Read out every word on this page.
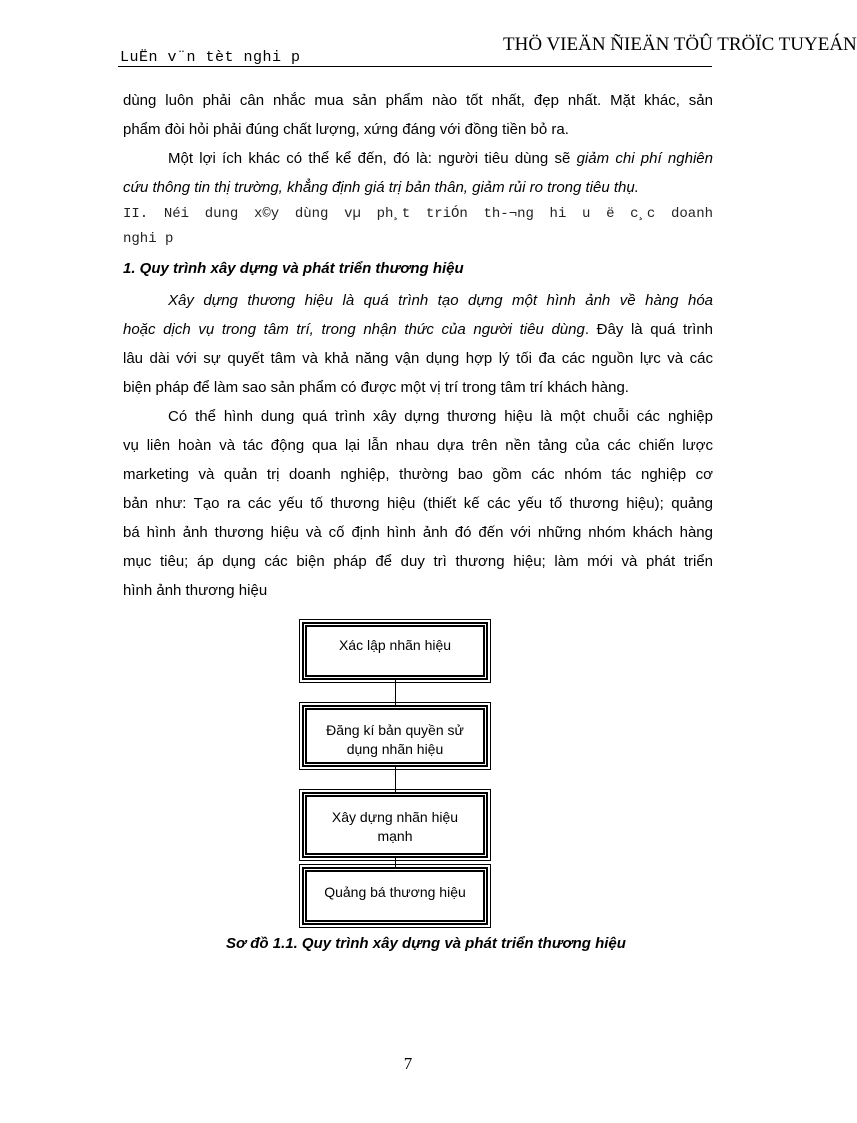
LuËn v¨n tèt nghi p
THÖ VIEÄN ÑIEÄN TÖÛ TRÖÏC TUYEÁN
dùng luôn phải cân nhắc mua sản phẩm nào tốt nhất, đẹp nhất. Mặt khác, sản
phẩm đòi hỏi phải đúng chất lượng, xứng đáng với đồng tiền bỏ ra.
Một lợi ích khác có thể kể đến, đó là: người tiêu dùng sẽ giảm chi phí nghiên
cứu thông tin thị trường, khẳng định giá trị bản thân, giảm rủi ro trong tiêu thụ.
II. Néi dung x©y dùng vµ ph¸t triÓn th-¬ng hi u ë c¸c doanh
nghi p
1. Quy trình xây dựng và phát triển thương hiệu
Xây dựng thương hiệu là quá trình tạo dựng một hình ảnh về hàng hóa
hoặc dịch vụ trong tâm trí, trong nhận thức của người tiêu dùng. Đây là quá trình
lâu dài với sự quyết tâm và khả năng vận dụng hợp lý tối đa các nguồn lực và các
biện pháp để làm sao sản phẩm có được một vị trí trong tâm trí khách hàng.
Có thể hình dung quá trình xây dựng thương hiệu là một chuỗi các nghiệp
vụ liên hoàn và tác động qua lại lẫn nhau dựa trên nền tảng của các chiến lược
marketing và quản trị doanh nghiệp, thường bao gồm các nhóm tác nghiệp cơ
bản như: Tạo ra các yếu tố thương hiệu (thiết kế các yếu tố thương hiệu); quảng
bá hình ảnh thương hiệu và cố định hình ảnh đó đến với những nhóm khách hàng
mục tiêu; áp dụng các biện pháp để duy trì thương hiệu; làm mới và phát triển
hình ảnh thương hiệu
Xác lập nhãn hiệu
Đăng kí bản quyền sử
dụng nhãn hiệu
Xây dựng nhãn hiệu
mạnh
Quảng bá thương hiệu
Sơ đồ 1.1. Quy trình xây dựng và phát triển thương hiệu
7
